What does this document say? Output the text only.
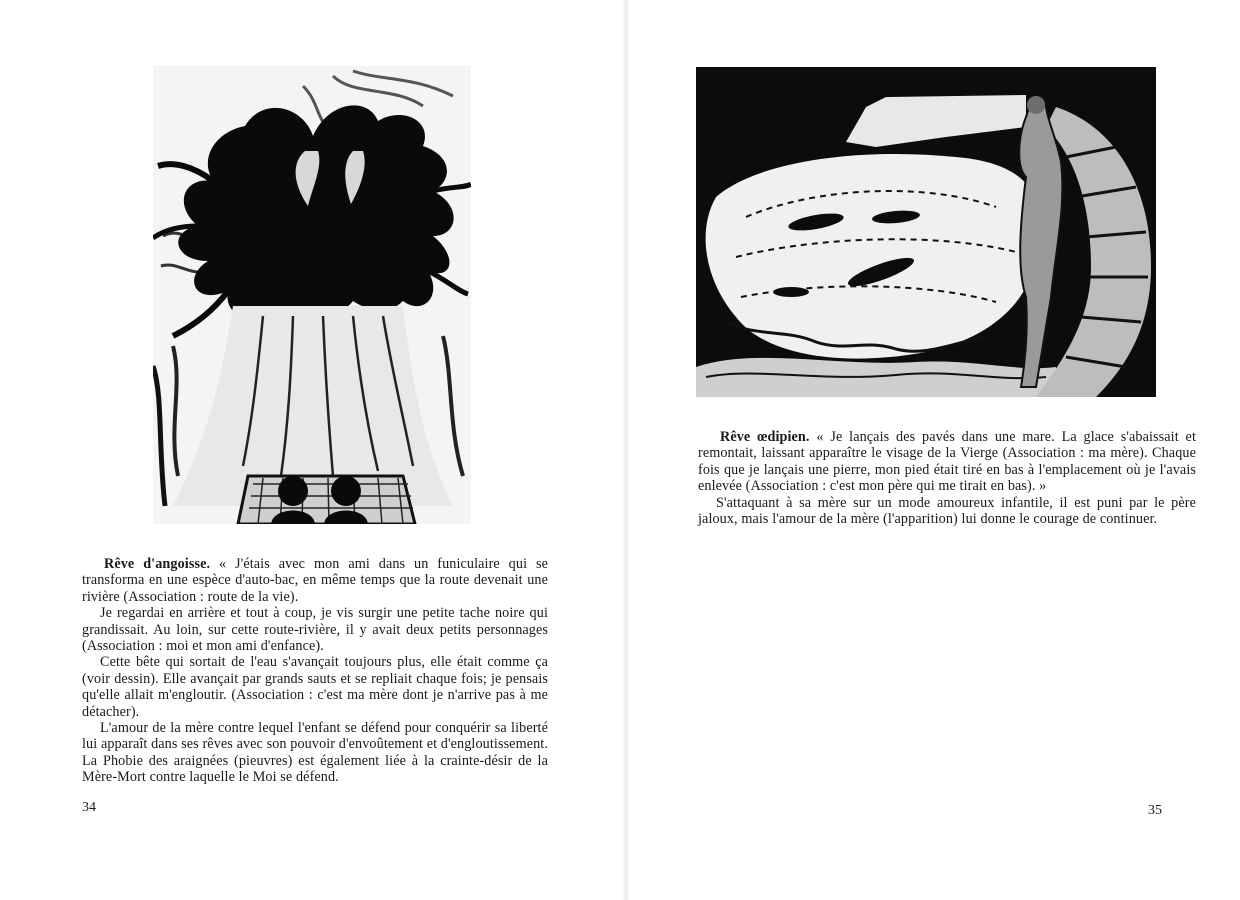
Rêve d'angoisse. « J'étais avec mon ami dans un funiculaire qui se transforma en une espèce d'auto-bac, en même temps que la route devenait une rivière (Association : route de la vie).

Je regardai en arrière et tout à coup, je vis surgir une petite tache noire qui grandissait. Au loin, sur cette route-rivière, il y avait deux petits personnages (Association : moi et mon ami d'enfance).

Cette bête qui sortait de l'eau s'avançait toujours plus, elle était comme ça (voir dessin). Elle avançait par grands sauts et se repliait chaque fois; je pensais qu'elle allait m'engloutir. (Association : c'est ma mère dont je n'arrive pas à me détacher).

L'amour de la mère contre lequel l'enfant se défend pour conquérir sa liberté lui apparaît dans ses rêves avec son pouvoir d'envoûtement et d'engloutissement. La Phobie des araignées (pieuvres) est également liée à la crainte-désir de la Mère-Mort contre laquelle le Moi se défend.

34

Rêve œdipien. « Je lançais des pavés dans une mare. La glace s'abaissait et remontait, laissant apparaître le visage de la Vierge (Association : ma mère). Chaque fois que je lançais une pierre, mon pied était tiré en bas à l'emplacement où je l'avais enlevée (Association : c'est mon père qui me tirait en bas). »

S'attaquant à sa mère sur un mode amoureux infantile, il est puni par le père jaloux, mais l'amour de la mère (l'apparition) lui donne le courage de continuer.

35
